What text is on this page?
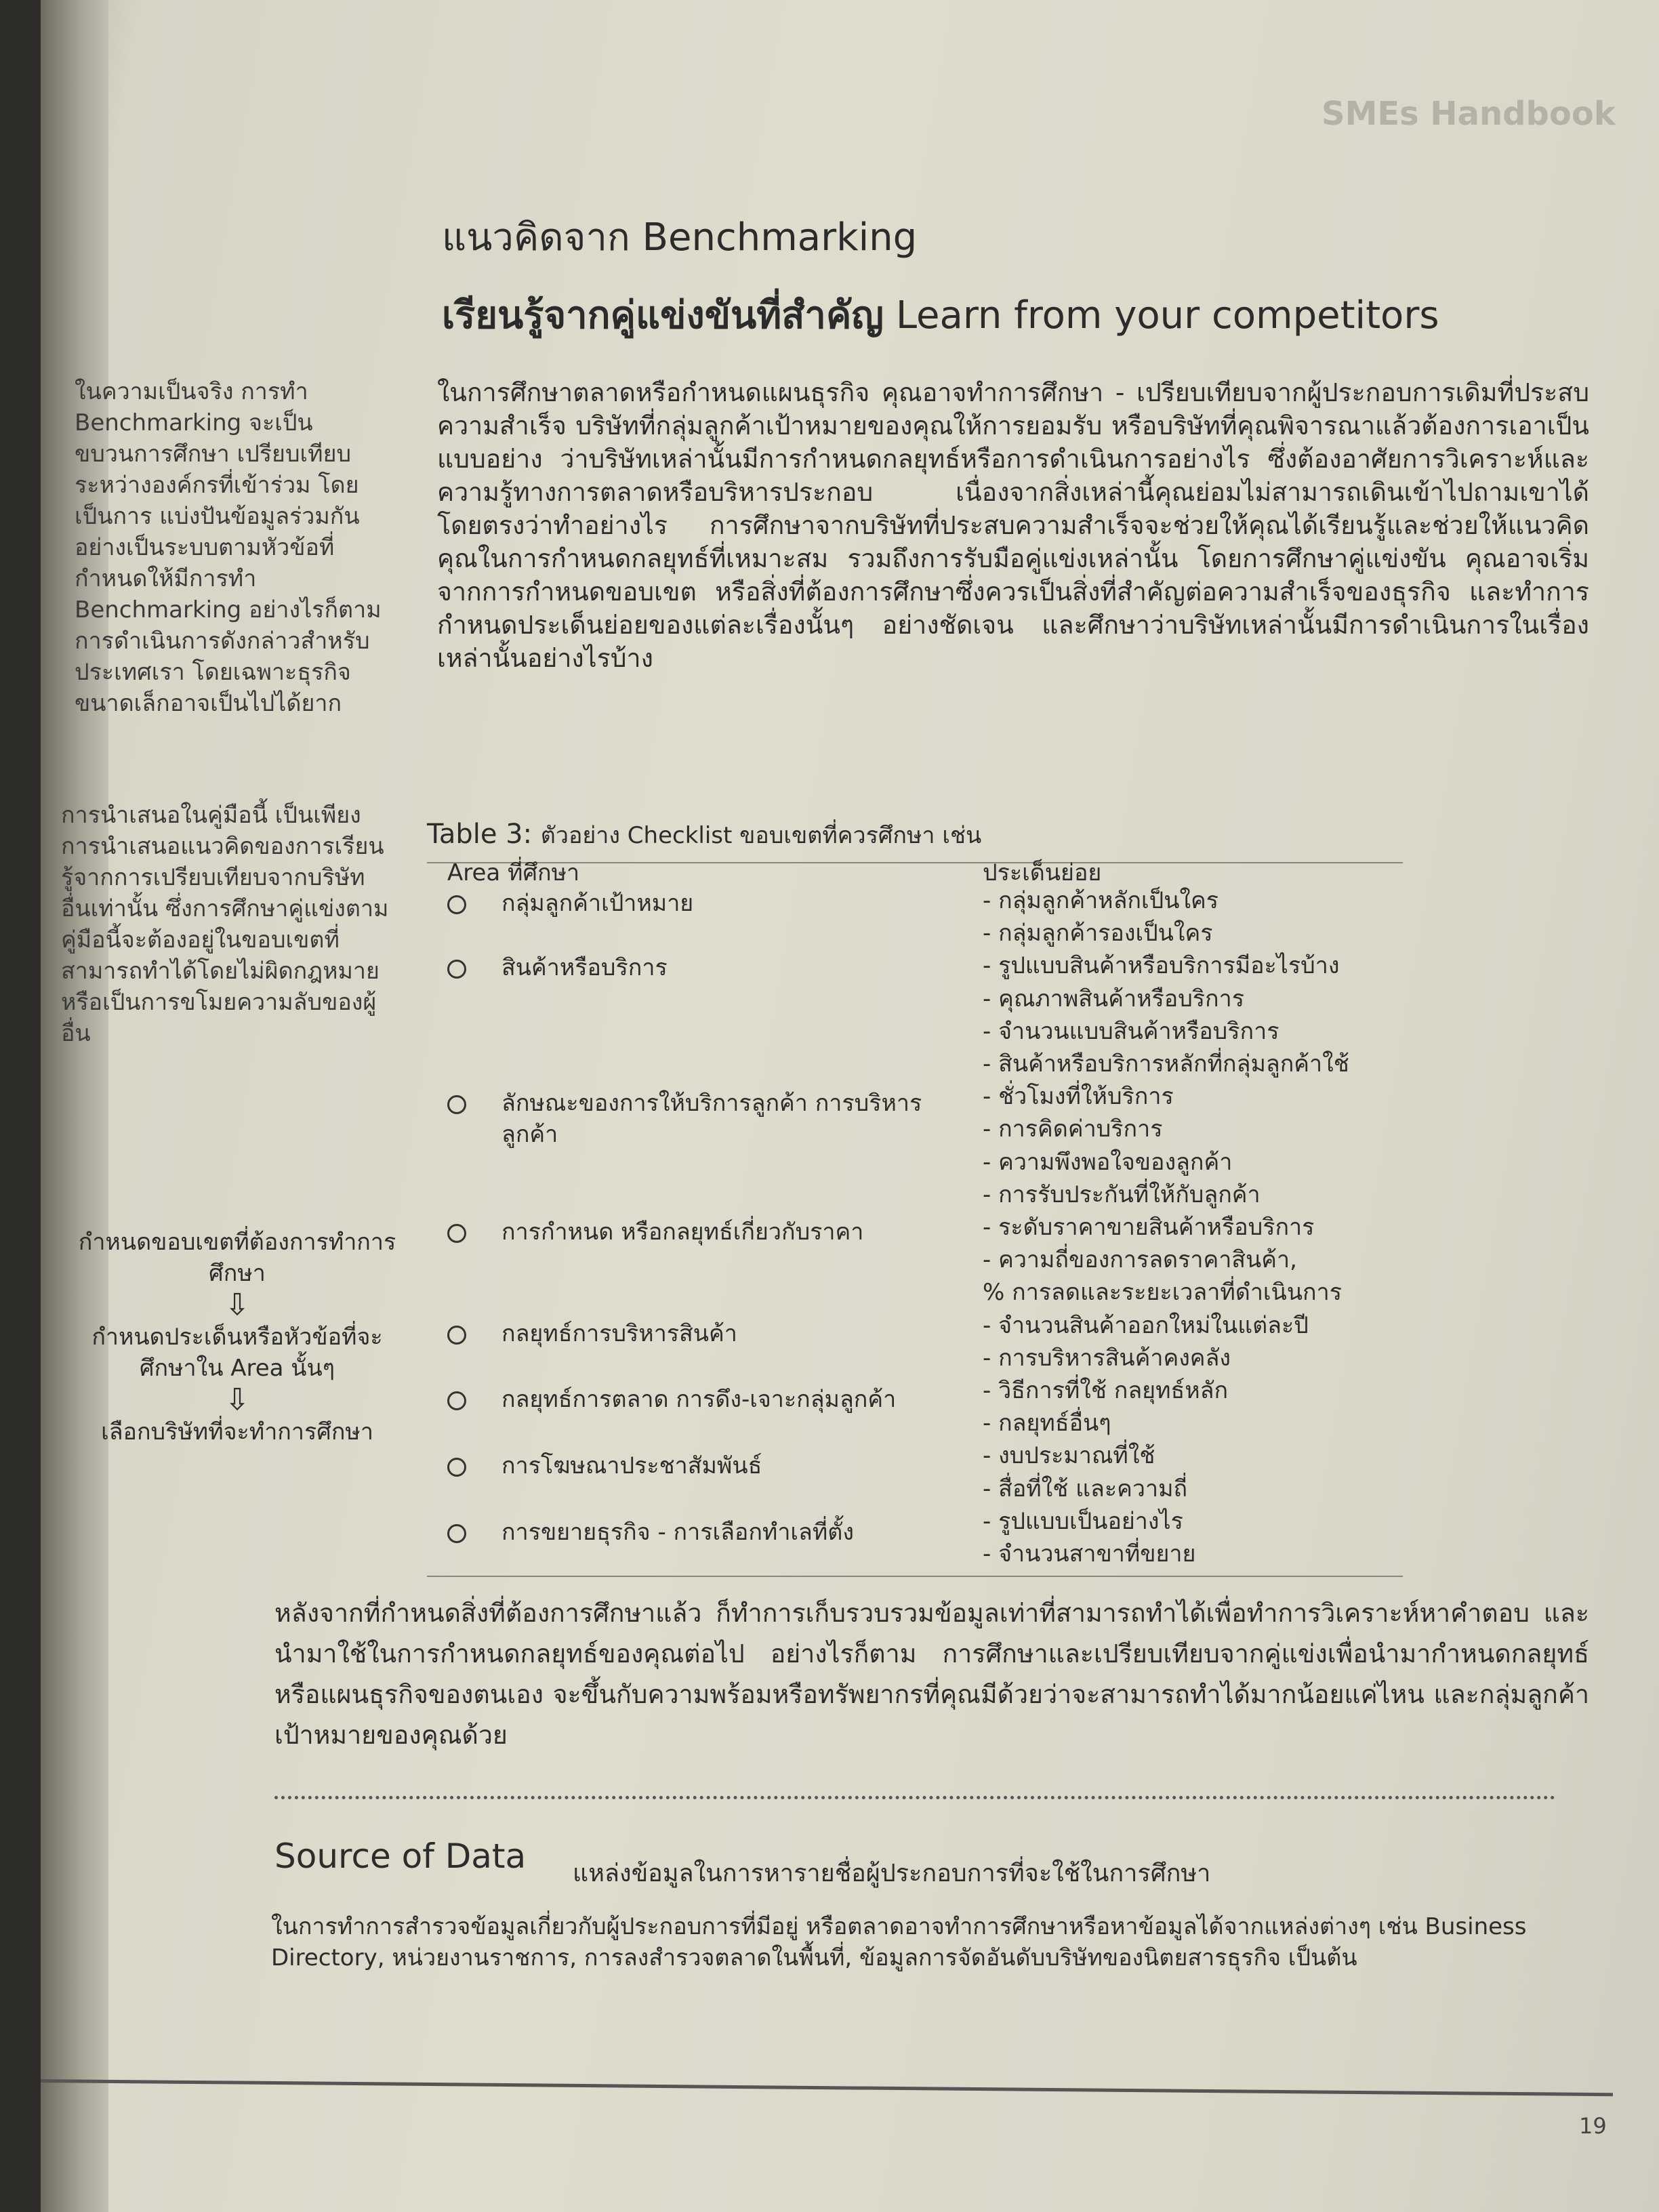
SMEs Handbook
แนวคิดจาก Benchmarking
เรียนรู้จากคู่แข่งขันที่สำคัญ Learn from your competitors
ในการศึกษาตลาดหรือกำหนดแผนธุรกิจ คุณอาจทำการศึกษา - เปรียบเทียบจากผู้ประกอบการเดิมที่ประสบความสำเร็จ บริษัทที่กลุ่มลูกค้าเป้าหมายของคุณให้การยอมรับ หรือบริษัทที่คุณพิจารณาแล้วต้องการเอาเป็นแบบอย่าง ว่าบริษัทเหล่านั้นมีการกำหนดกลยุทธ์หรือการดำเนินการอย่างไร ซึ่งต้องอาศัยการวิเคราะห์และความรู้ทางการตลาดหรือบริหารประกอบ เนื่องจากสิ่งเหล่านี้คุณย่อมไม่สามารถเดินเข้าไปถามเขาได้โดยตรงว่าทำอย่างไร การศึกษาจากบริษัทที่ประสบความสำเร็จจะช่วยให้คุณได้เรียนรู้และช่วยให้แนวคิดคุณในการกำหนดกลยุทธ์ที่เหมาะสม รวมถึงการรับมือคู่แข่งเหล่านั้น โดยการศึกษาคู่แข่งขัน คุณอาจเริ่มจากการกำหนดขอบเขต หรือสิ่งที่ต้องการศึกษาซึ่งควรเป็นสิ่งที่สำคัญต่อความสำเร็จของธุรกิจ และทำการกำหนดประเด็นย่อยของแต่ละเรื่องนั้นๆ อย่างชัดเจน และศึกษาว่าบริษัทเหล่านั้นมีการดำเนินการในเรื่องเหล่านั้นอย่างไรบ้าง
ในความเป็นจริง การทำ Benchmarking จะเป็นขบวนการศึกษา เปรียบเทียบระหว่างองค์กรที่เข้าร่วม โดยเป็นการ แบ่งปันข้อมูลร่วมกันอย่างเป็นระบบตามหัวข้อที่กำหนดให้มีการทำ Benchmarking อย่างไรก็ตาม การดำเนินการดังกล่าวสำหรับประเทศเรา โดยเฉพาะธุรกิจขนาดเล็กอาจเป็นไปได้ยาก
การนำเสนอในคู่มือนี้ เป็นเพียงการนำเสนอแนวคิดของการเรียนรู้จากการเปรียบเทียบจากบริษัทอื่นเท่านั้น ซึ่งการศึกษาคู่แข่งตามคู่มือนี้จะต้องอยู่ในขอบเขตที่สามารถทำได้โดยไม่ผิดกฎหมาย หรือเป็นการขโมยความลับของผู้อื่น
กำหนดขอบเขตที่ต้องการทำการศึกษา
⇩
กำหนดประเด็นหรือหัวข้อที่จะศึกษาใน Area นั้นๆ
⇩
เลือกบริษัทที่จะทำการศึกษา
Table 3: ตัวอย่าง Checklist ขอบเขตที่ควรศึกษา เช่น
Area ที่ศึกษา	ประเด็นย่อย
กลุ่มลูกค้าเป้าหมาย
สินค้าหรือบริการ
ลักษณะของการให้บริการลูกค้า การบริหารลูกค้า
การกำหนด หรือกลยุทธ์เกี่ยวกับราคา
กลยุทธ์การบริหารสินค้า
กลยุทธ์การตลาด การดึง-เจาะกลุ่มลูกค้า
การโฆษณาประชาสัมพันธ์
การขยายธุรกิจ - การเลือกทำเลที่ตั้ง
- กลุ่มลูกค้าหลักเป็นใคร
- กลุ่มลูกค้ารองเป็นใคร
- รูปแบบสินค้าหรือบริการมีอะไรบ้าง
- คุณภาพสินค้าหรือบริการ
- จำนวนแบบสินค้าหรือบริการ
- สินค้าหรือบริการหลักที่กลุ่มลูกค้าใช้
- ชั่วโมงที่ให้บริการ
- การคิดค่าบริการ
- ความพึงพอใจของลูกค้า
- การรับประกันที่ให้กับลูกค้า
- ระดับราคาขายสินค้าหรือบริการ
- ความถี่ของการลดราคาสินค้า,
% การลดและระยะเวลาที่ดำเนินการ
- จำนวนสินค้าออกใหม่ในแต่ละปี
- การบริหารสินค้าคงคลัง
- วิธีการที่ใช้ กลยุทธ์หลัก
- กลยุทธ์อื่นๆ
- งบประมาณที่ใช้
- สื่อที่ใช้ และความถี่
- รูปแบบเป็นอย่างไร
- จำนวนสาขาที่ขยาย
หลังจากที่กำหนดสิ่งที่ต้องการศึกษาแล้ว ก็ทำการเก็บรวบรวมข้อมูลเท่าที่สามารถทำได้เพื่อทำการวิเคราะห์หาคำตอบ และนำมาใช้ในการกำหนดกลยุทธ์ของคุณต่อไป อย่างไรก็ตาม การศึกษาและเปรียบเทียบจากคู่แข่งเพื่อนำมากำหนดกลยุทธ์หรือแผนธุรกิจของตนเอง จะขึ้นกับความพร้อมหรือทรัพยากรที่คุณมีด้วยว่าจะสามารถทำได้มากน้อยแค่ไหน และกลุ่มลูกค้าเป้าหมายของคุณด้วย
Source of Data แหล่งข้อมูลในการหารายชื่อผู้ประกอบการที่จะใช้ในการศึกษา
ในการทำการสำรวจข้อมูลเกี่ยวกับผู้ประกอบการที่มีอยู่ หรือตลาดอาจทำการศึกษาหรือหาข้อมูลได้จากแหล่งต่างๆ เช่น Business Directory, หน่วยงานราชการ, การลงสำรวจตลาดในพื้นที่, ข้อมูลการจัดอันดับบริษัทของนิตยสารธุรกิจ เป็นต้น
19
